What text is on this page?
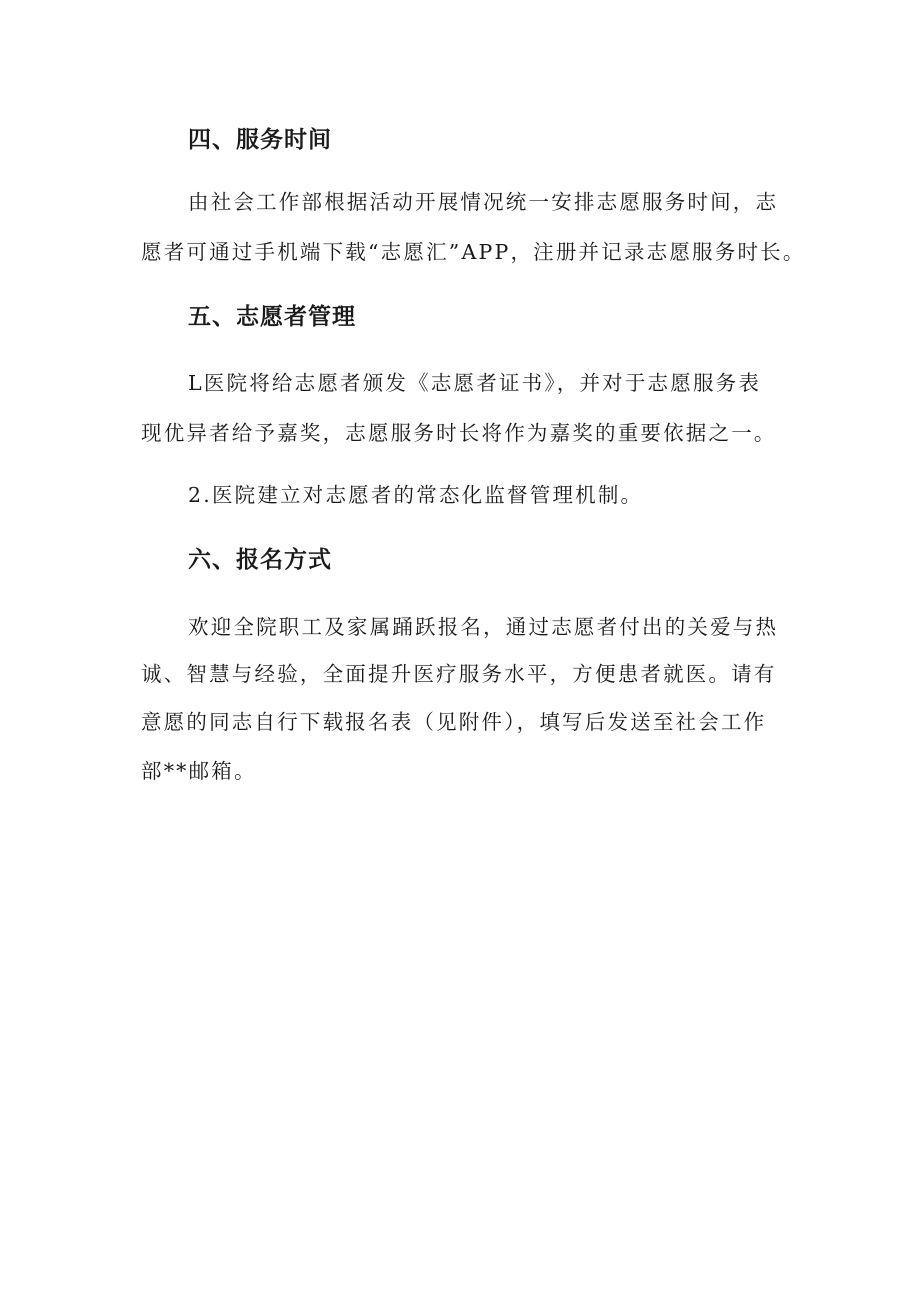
四、服务时间
由社会工作部根据活动开展情况统一安排志愿服务时间，志
愿者可通过手机端下载“志愿汇”APP，注册并记录志愿服务时长。
五、志愿者管理
L医院将给志愿者颁发《志愿者证书》，并对于志愿服务表
现优异者给予嘉奖，志愿服务时长将作为嘉奖的重要依据之一。
2.医院建立对志愿者的常态化监督管理机制。
六、报名方式
欢迎全院职工及家属踊跃报名，通过志愿者付出的关爱与热
诚、智慧与经验，全面提升医疗服务水平，方便患者就医。请有
意愿的同志自行下载报名表（见附件），填写后发送至社会工作
部**邮箱。
